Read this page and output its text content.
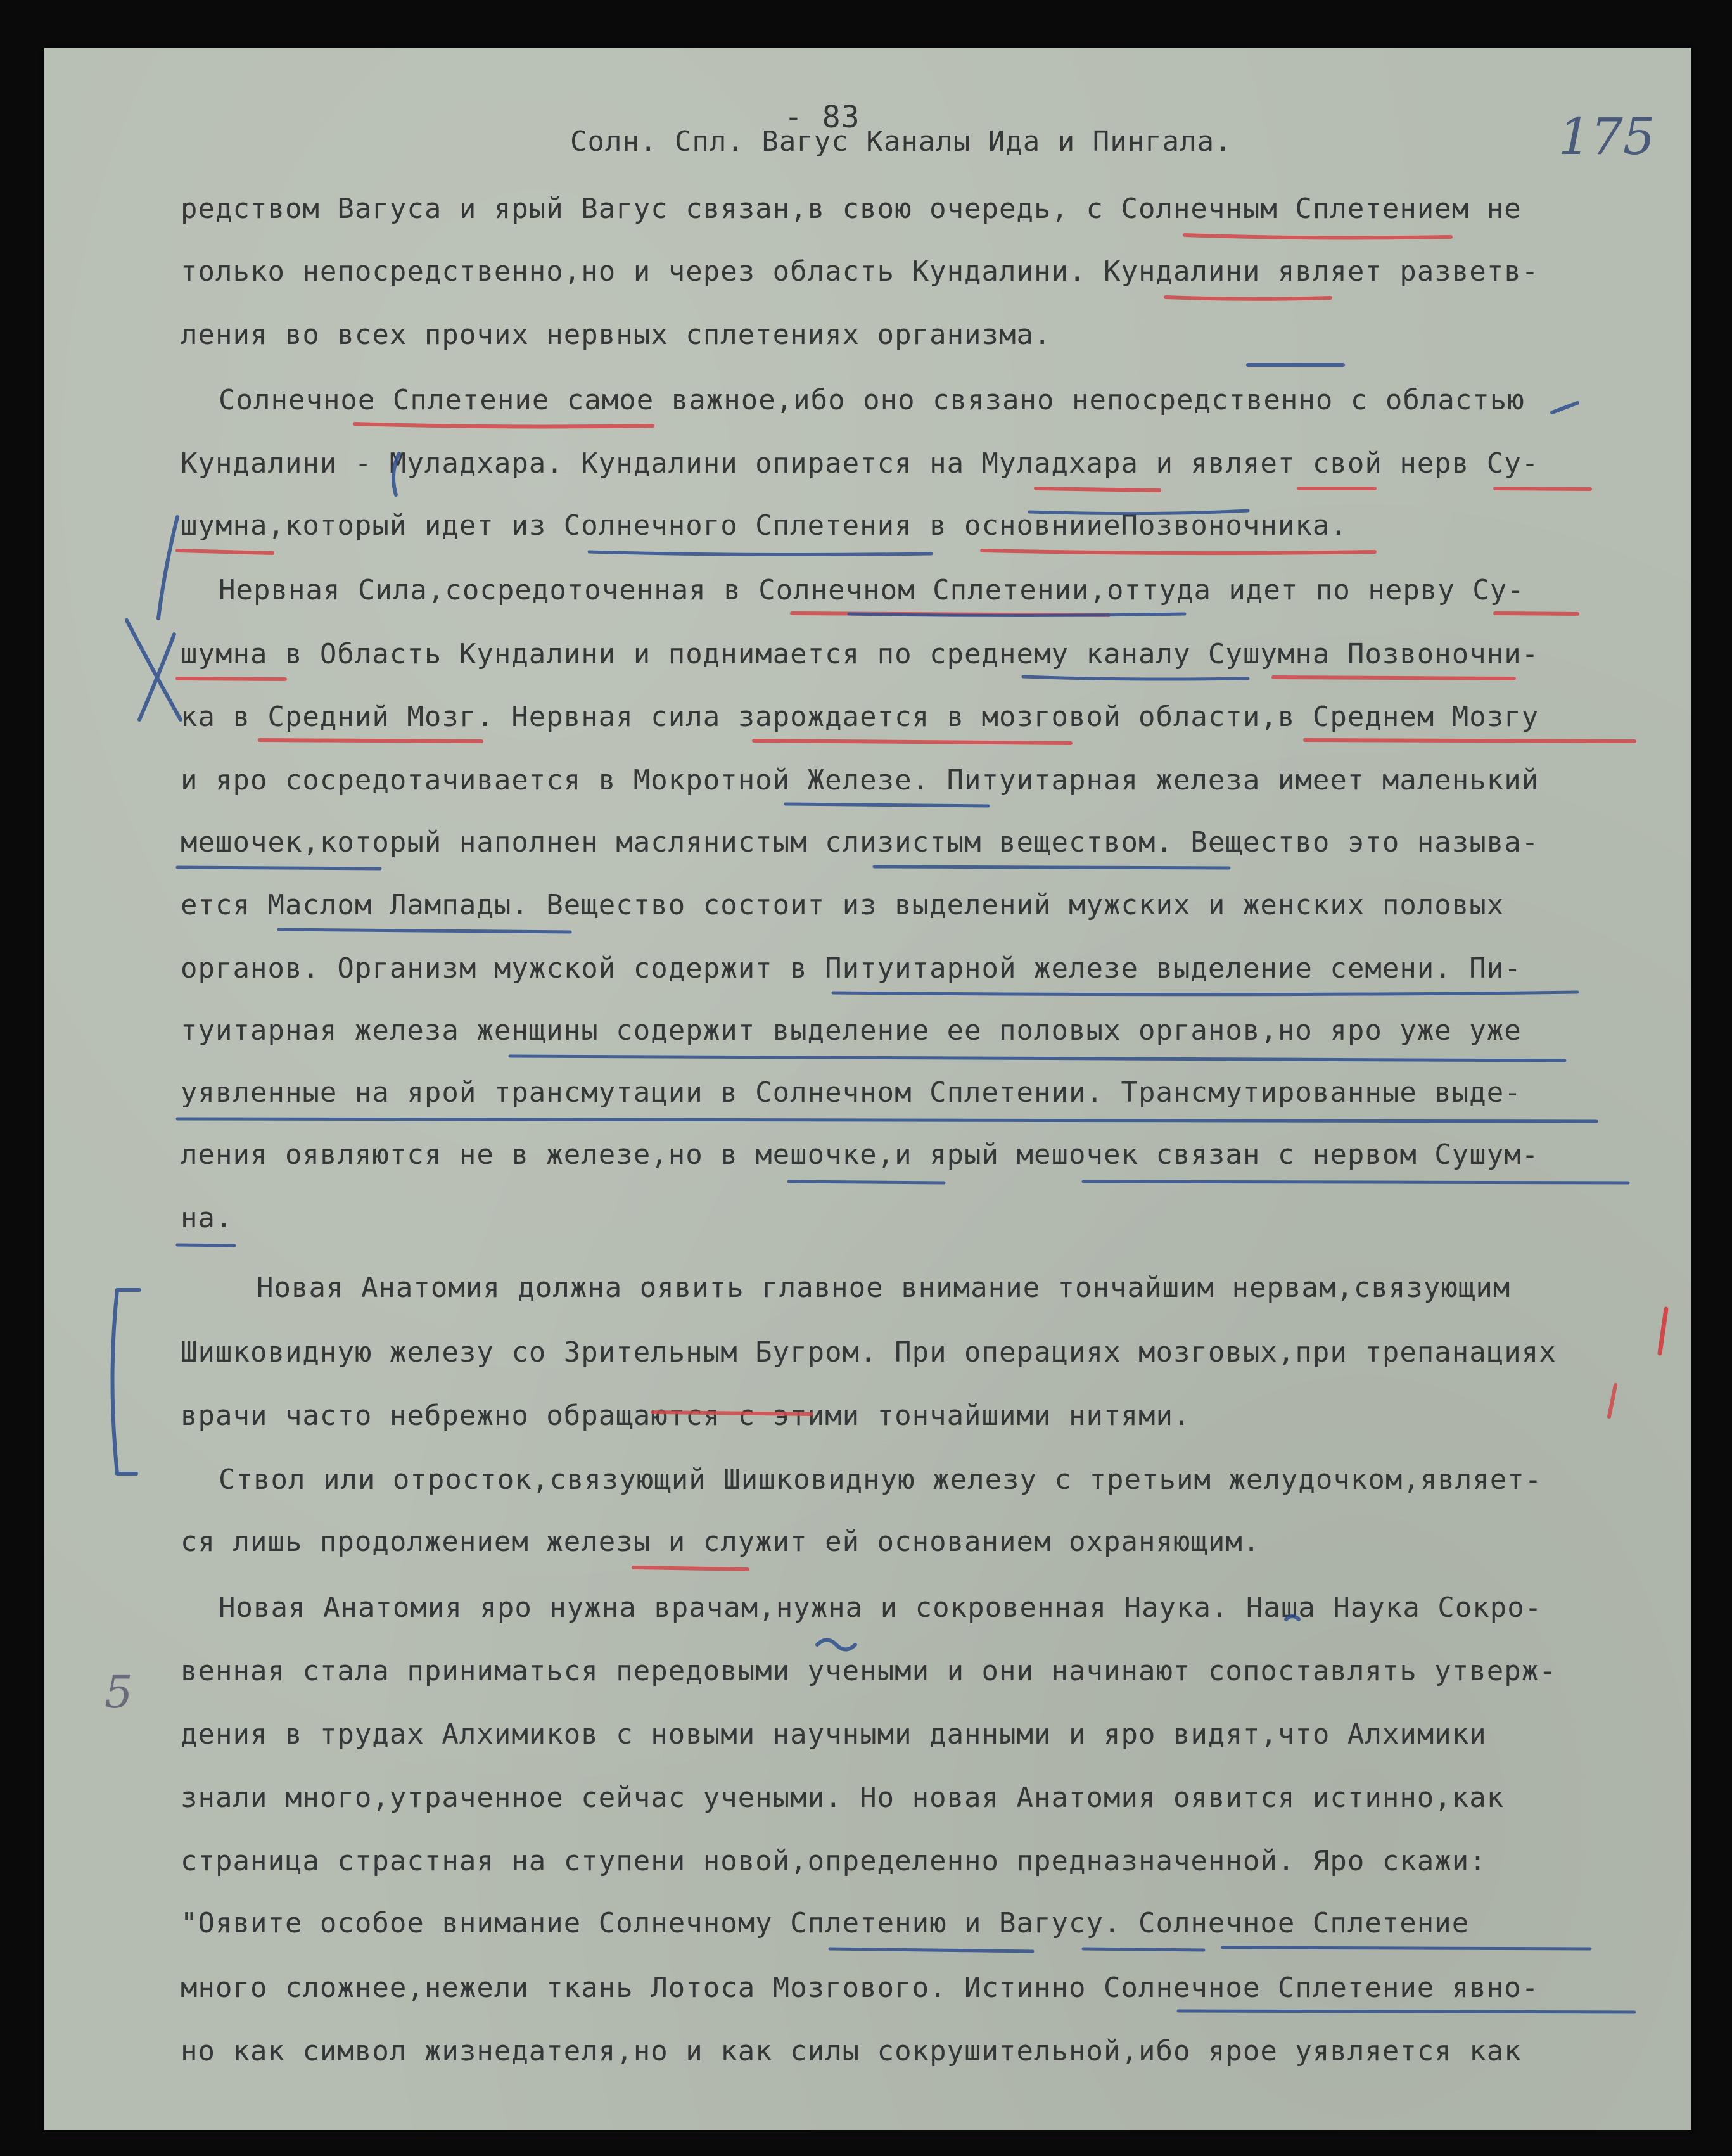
- 83	175
Солн. Спл. Вагус Каналы Ида и Пингала.
редством Вагуса и ярый Вагус связан,в свою очередь, с Солнечным Сплетением не
только непосредственно,но и через область Кундалини. Кундалини являет разветв-
ления во всех прочих нервных сплетениях организма.
Солнечное Сплетение самое важное,ибо оно связано непосредственно с областью
Кундалини - Муладхара. Кундалини опирается на Муладхара и являет свой нерв Су-
шумна,который идет из Солнечного Сплетения в основнииеПозвоночника.
Нервная Сила,сосредоточенная в Солнечном Сплетении,оттуда идет по нерву Су-
шумна в Область Кундалини и поднимается по среднему каналу Сушумна Позвоночни-
ка в Средний Мозг. Нервная сила зарождается в мозговой области,в Среднем Мозгу
и яро сосредотачивается в Мокротной Железе. Питуитарная железа имеет маленький
мешочек,который наполнен маслянистым слизистым веществом. Вещество это называ-
ется Маслом Лампады. Вещество состоит из выделений мужских и женских половых
органов. Организм мужской содержит в Питуитарной железе выделение семени. Пи-
туитарная железа женщины содержит выделение ее половых органов,но яро уже уже
уявленные на ярой трансмутации в Солнечном Сплетении. Трансмутированные выде-
ления оявляются не в железе,но в мешочке,и ярый мешочек связан с нервом Сушум-
на.
Новая Анатомия должна оявить главное внимание тончайшим нервам,связующим
Шишковидную железу со Зрительным Бугром. При операциях мозговых,при трепанациях
врачи часто небрежно обращаются с этими тончайшими нитями.
Ствол или отросток,связующий Шишковидную железу с третьим желудочком,являет-
ся лишь продолжением железы и служит ей основанием охраняющим.
Новая Анатомия яро нужна врачам,нужна и сокровенная Наука. Наша Наука Сокро-
венная стала приниматься передовыми учеными и они начинают сопоставлять утверж-
дения в трудах Алхимиков с новыми научными данными и яро видят,что Алхимики
знали много,утраченное сейчас учеными. Но новая Анатомия оявится истинно,как
страница страстная на ступени новой,определенно предназначенной. Яро скажи:
"Оявите особое внимание Солнечному Сплетению и Вагусу. Солнечное Сплетение
много сложнее,нежели ткань Лотоса Мозгового. Истинно Солнечное Сплетение явно-
но как символ жизнедателя,но и как силы сокрушительной,ибо ярое уявляется как
5
